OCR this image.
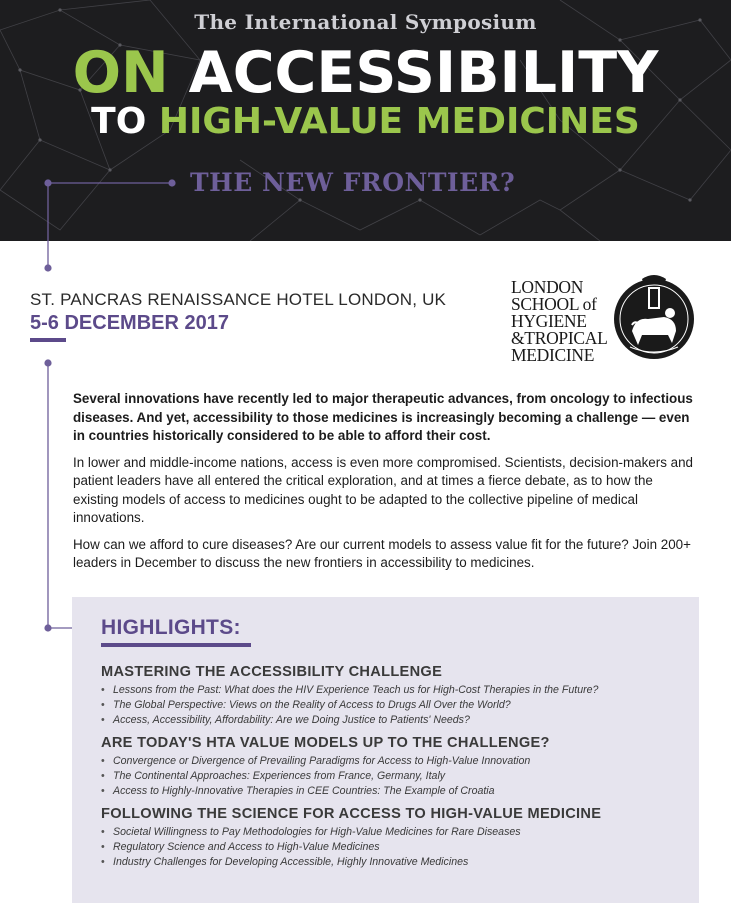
The International Symposium
ON ACCESSIBILITY
TO HIGH-VALUE MEDICINES
THE NEW FRONTIER?
ST. PANCRAS RENAISSANCE HOTEL LONDON, UK
5-6 DECEMBER 2017
LONDON
SCHOOL of
HYGIENE
&TROPICAL
MEDICINE

Several innovations have recently led to major therapeutic advances, from oncology to infectious diseases. And yet, accessibility to those medicines is increasingly becoming a challenge — even in countries historically considered to be able to afford their cost.

In lower and middle-income nations, access is even more compromised. Scientists, decision-makers and patient leaders have all entered the critical exploration, and at times a fierce debate, as to how the existing models of access to medicines ought to be adapted to the collective pipeline of medical innovations.

How can we afford to cure diseases? Are our current models to assess value fit for the future? Join 200+ leaders in December to discuss the new frontiers in accessibility to medicines.

HIGHLIGHTS:
MASTERING THE ACCESSIBILITY CHALLENGE
• Lessons from the Past: What does the HIV Experience Teach us for High-Cost Therapies in the Future?
• The Global Perspective: Views on the Reality of Access to Drugs All Over the World?
• Access, Accessibility, Affordability: Are we Doing Justice to Patients' Needs?
ARE TODAY'S HTA VALUE MODELS UP TO THE CHALLENGE?
• Convergence or Divergence of Prevailing Paradigms for Access to High-Value Innovation
• The Continental Approaches: Experiences from France, Germany, Italy
• Access to Highly-Innovative Therapies in CEE Countries: The Example of Croatia
FOLLOWING THE SCIENCE FOR ACCESS TO HIGH-VALUE MEDICINE
• Societal Willingness to Pay Methodologies for High-Value Medicines for Rare Diseases
• Regulatory Science and Access to High-Value Medicines
• Industry Challenges for Developing Accessible, Highly Innovative Medicines
